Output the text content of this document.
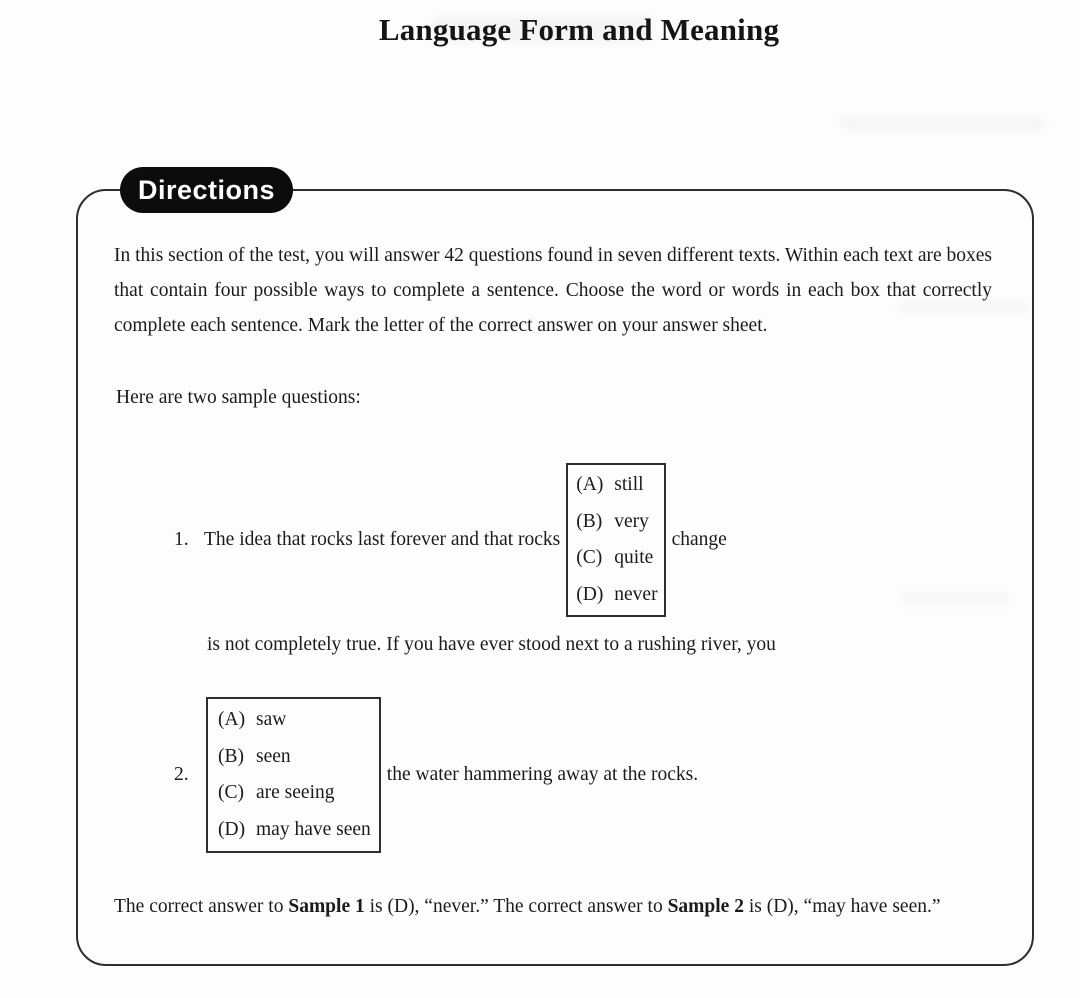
Language Form and Meaning
Directions

In this section of the test, you will answer 42 questions found in seven different texts. Within each text are boxes that contain four possible ways to complete a sentence. Choose the word or words in each box that correctly complete each sentence. Mark the letter of the correct answer on your answer sheet.

Here are two sample questions:

1. The idea that rocks last forever and that rocks
(A) still
(B) very
(C) quite
(D) never
change

is not completely true. If you have ever stood next to a rushing river, you

2.
(A) saw
(B) seen
(C) are seeing
(D) may have seen
the water hammering away at the rocks.

The correct answer to Sample 1 is (D), “never.” The correct answer to Sample 2 is (D), “may have seen.”
